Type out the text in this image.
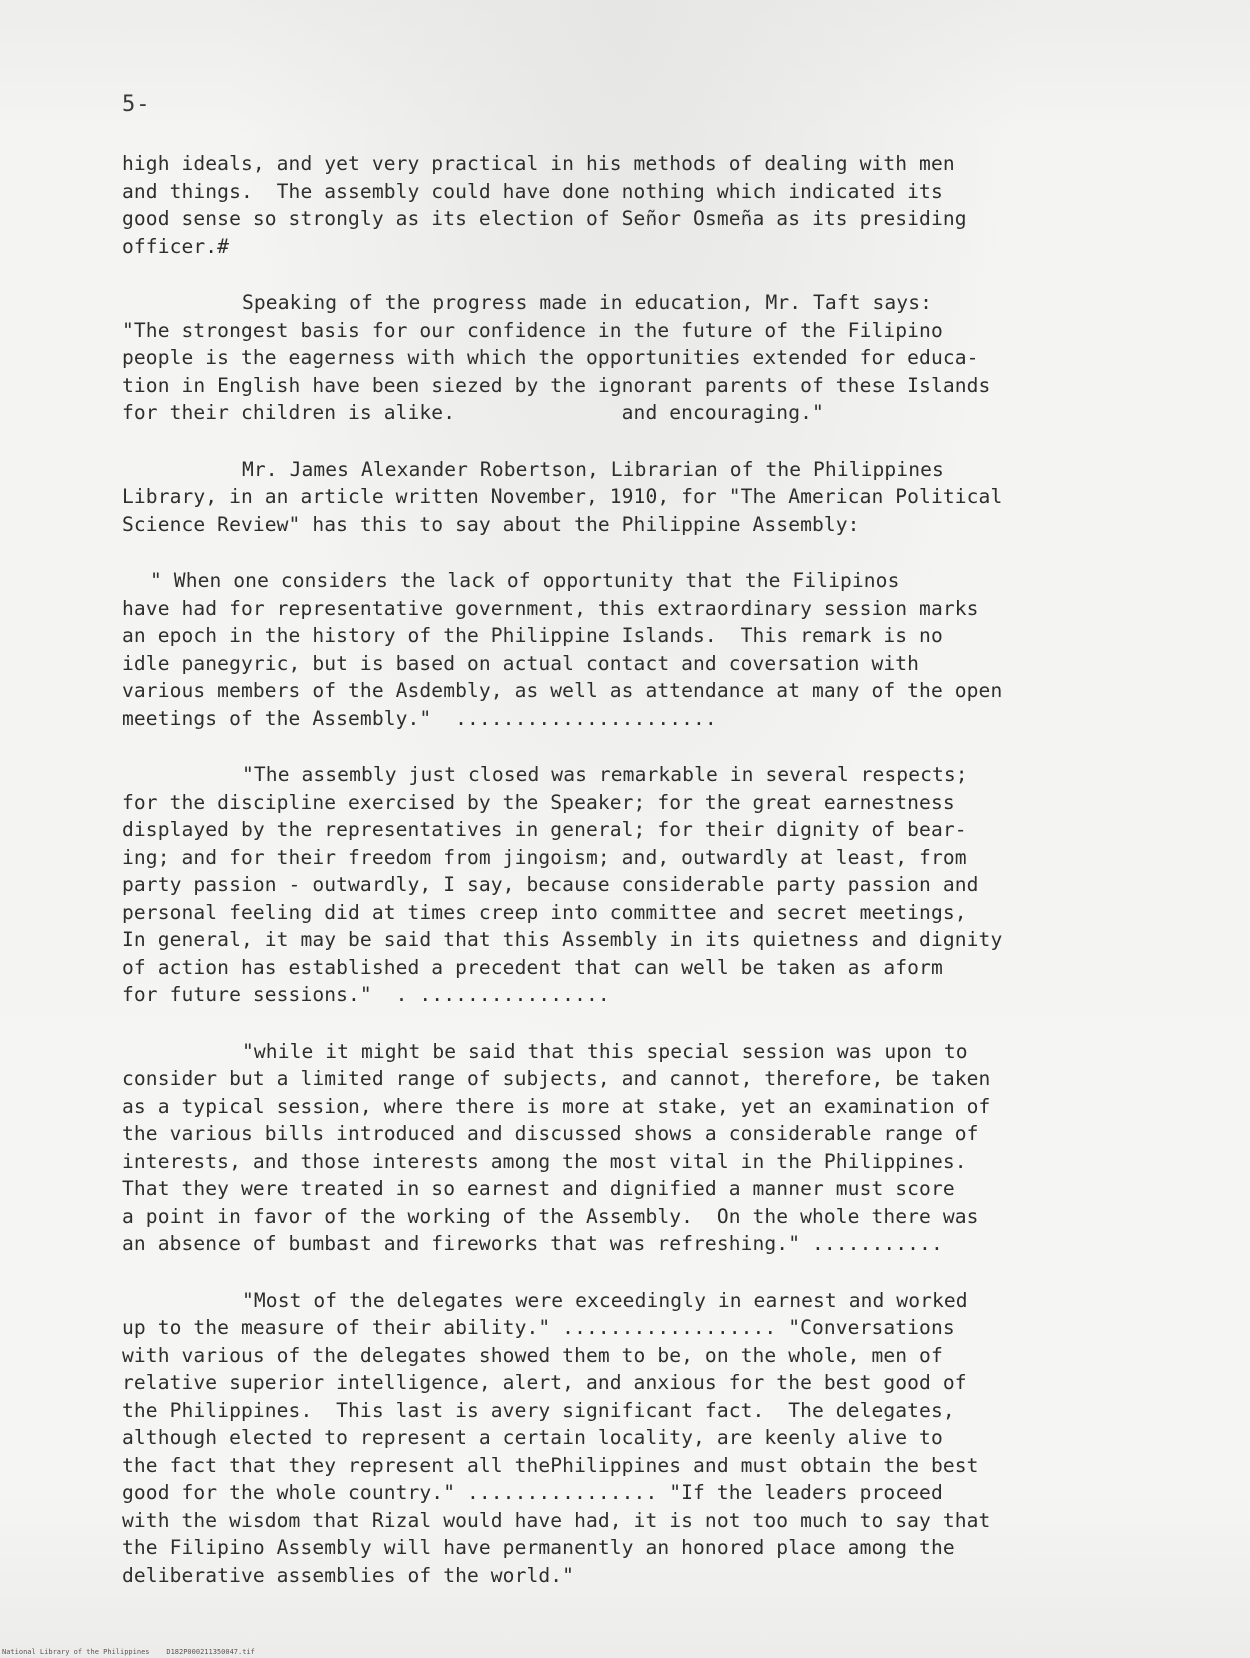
5-
high ideals, and yet very practical in his methods of dealing with men
and things.  The assembly could have done nothing which indicated its
good sense so strongly as its election of Señor Osmeña as its presiding
officer.#
Speaking of the progress made in education, Mr. Taft says:
"The strongest basis for our confidence in the future of the Filipino
people is the eagerness with which the opportunities extended for educa-
tion in English have been siezed by the ignorant parents of these Islands
for their children is alike.              and encouraging."
Mr. James Alexander Robertson, Librarian of the Philippines
Library, in an article written November, 1910, for "The American Political
Science Review" has this to say about the Philippine Assembly:
" When one considers the lack of opportunity that the Filipinos
have had for representative government, this extraordinary session marks
an epoch in the history of the Philippine Islands.  This remark is no
idle panegyric, but is based on actual contact and coversation with
various members of the Asdembly, as well as attendance at many of the open
meetings of the Assembly."  ......................
"The assembly just closed was remarkable in several respects;
for the discipline exercised by the Speaker; for the great earnestness
displayed by the representatives in general; for their dignity of bear-
ing; and for their freedom from jingoism; and, outwardly at least, from
party passion - outwardly, I say, because considerable party passion and
personal feeling did at times creep into committee and secret meetings,
In general, it may be said that this Assembly in its quietness and dignity
of action has established a precedent that can well be taken as aform
for future sessions."  . ................
"while it might be said that this special session was upon to
consider but a limited range of subjects, and cannot, therefore, be taken
as a typical session, where there is more at stake, yet an examination of
the various bills introduced and discussed shows a considerable range of
interests, and those interests among the most vital in the Philippines.
That they were treated in so earnest and dignified a manner must score
a point in favor of the working of the Assembly.  On the whole there was
an absence of bumbast and fireworks that was refreshing." ...........
"Most of the delegates were exceedingly in earnest and worked
up to the measure of their ability." .................. "Conversations
with various of the delegates showed them to be, on the whole, men of
relative superior intelligence, alert, and anxious for the best good of
the Philippines.  This last is avery significant fact.  The delegates,
although elected to represent a certain locality, are keenly alive to
the fact that they represent all thePhilippines and must obtain the best
good for the whole country." ................ "If the leaders proceed
with the wisdom that Rizal would have had, it is not too much to say that
the Filipino Assembly will have permanently an honored place among the
deliberative assemblies of the world."
National Library of the Philippines    D182P000211350047.tif
